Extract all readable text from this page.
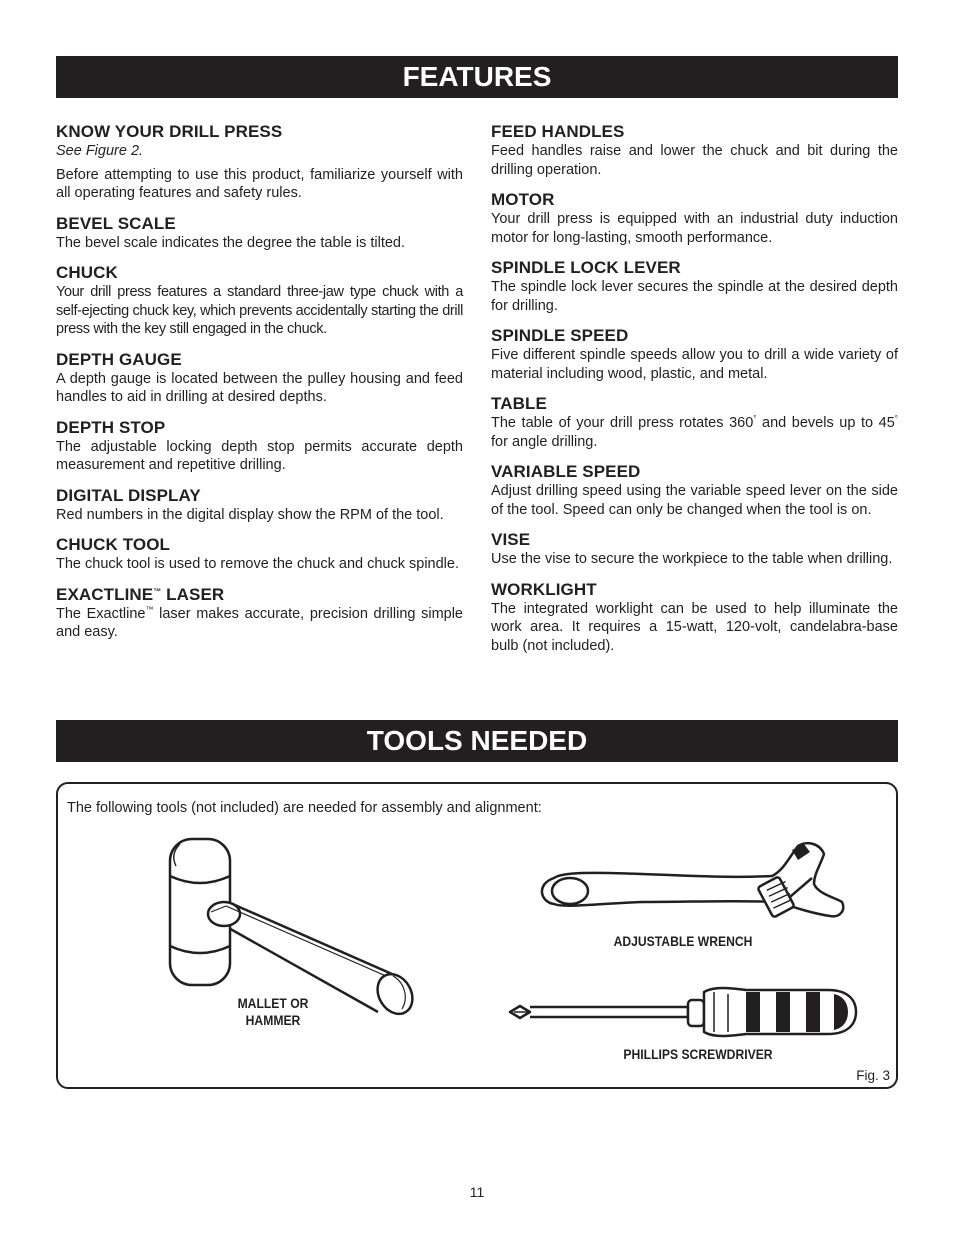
FEATURES
KNOW YOUR DRILL PRESS

See Figure 2.

Before attempting to use this product, familiarize yourself with all operating features and safety rules.

BEVEL SCALE

The bevel scale indicates the degree the table is tilted.

CHUCK

Your drill press features a standard three-jaw type chuck with a self-ejecting chuck key, which prevents accidentally starting the drill press with the key still engaged in the chuck.

DEPTH GAUGE

A depth gauge is located between the pulley housing and feed handles to aid in drilling at desired depths.

DEPTH STOP

The adjustable locking depth stop permits accurate depth measurement and repetitive drilling.

DIGITAL DISPLAY

Red numbers in the digital display show the RPM of the tool.

CHUCK TOOL

The chuck tool is used to remove the chuck and chuck spindle.

EXACTLINE™ LASER

The Exactline™ laser makes accurate, precision drilling simple and easy.

FEED HANDLES

Feed handles raise and lower the chuck and bit during the drilling operation.

MOTOR

Your drill press is equipped with an industrial duty induction motor for long-lasting, smooth performance.

SPINDLE LOCK LEVER

The spindle lock lever secures the spindle at the desired depth for drilling.

SPINDLE SPEED

Five different spindle speeds allow you to drill a wide variety of material including wood, plastic, and metal.

TABLE

The table of your drill press rotates 360° and bevels up to 45° for angle drilling.

VARIABLE SPEED

Adjust drilling speed using the variable speed lever on the side of the tool. Speed can only be changed when the tool is on.

VISE

Use the vise to secure the workpiece to the table when drilling.

WORKLIGHT

The integrated worklight can be used to help illuminate the work area. It requires a 15-watt, 120-volt, candelabra-base bulb (not included).

TOOLS NEEDED

The following tools (not included) are needed for assembly and alignment:

MALLET OR
HAMMER
ADJUSTABLE WRENCH
PHILLIPS SCREWDRIVER
Fig. 3
11
